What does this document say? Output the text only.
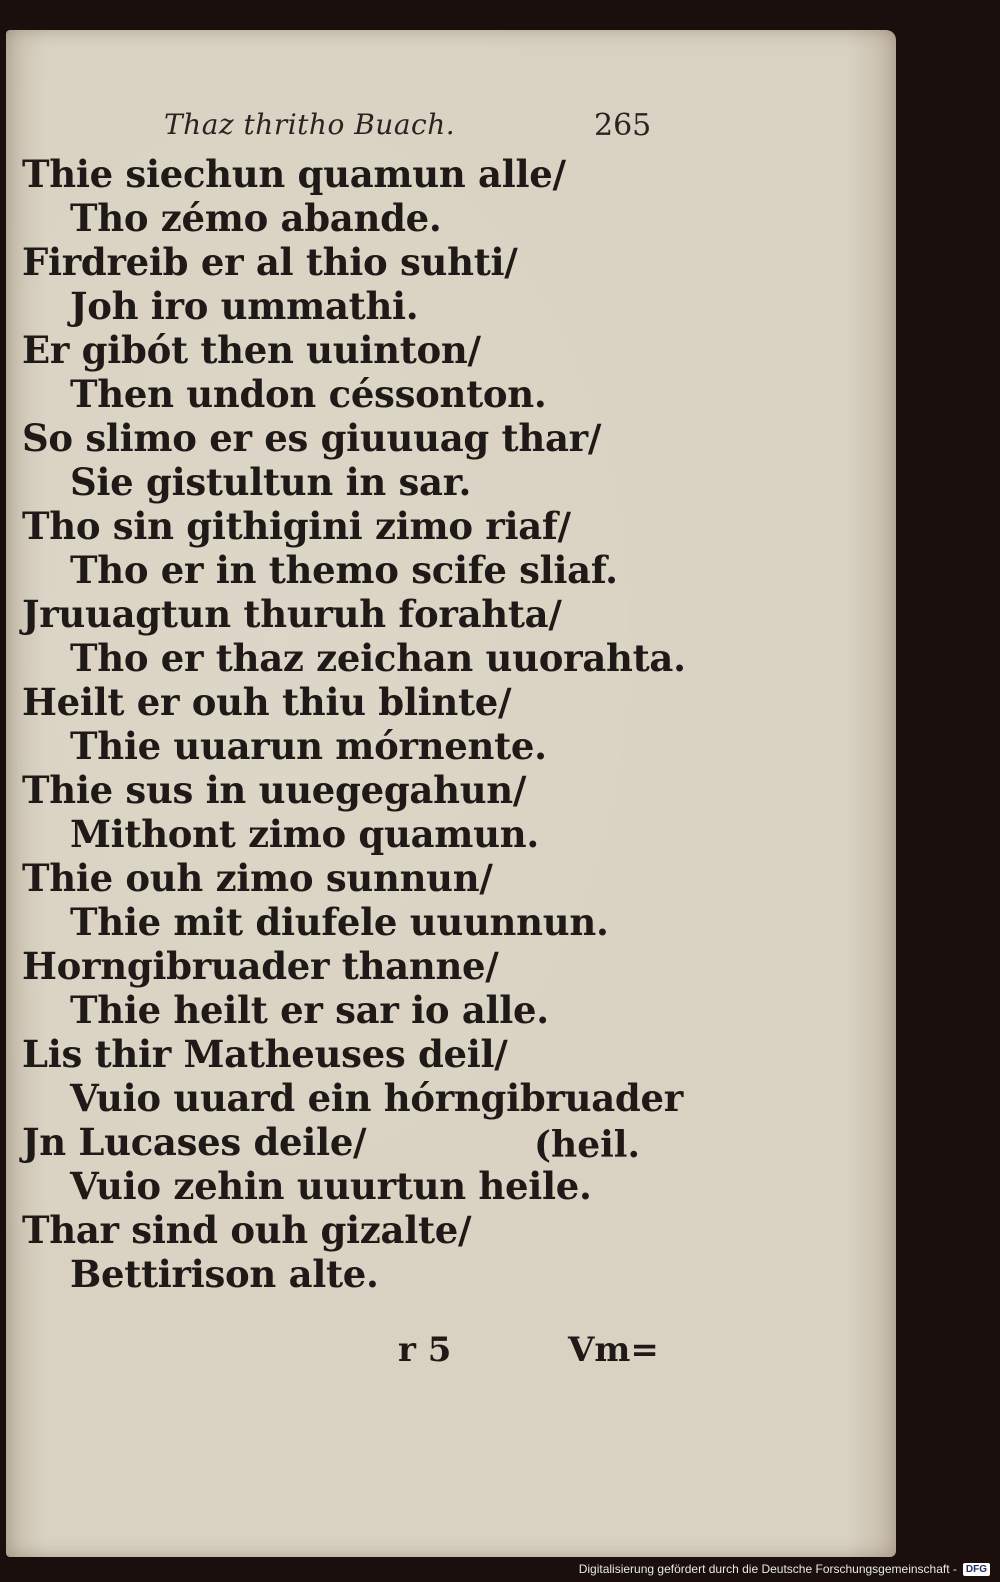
Thaz thritho Buach.	265
Thie siechun quamun alle/
Tho zémo abande.
Firdreib er al thio suhti/
Joh iro ummathi.
Er gibót then uuinton/
Then undon céssonton.
So slimo er es giuuuag thar/
Sie gistultun in sar.
Tho sin githigini zimo riaf/
Tho er in themo scife sliaf.
Jruuagtun thuruh forahta/
Tho er thaz zeichan uuorahta.
Heilt er ouh thiu blinte/
Thie uuarun mórnente.
Thie sus in uuegegahun/
Mithont zimo quamun.
Thie ouh zimo sunnun/
Thie mit diufele uuunnun.
Horngibruader thanne/
Thie heilt er sar io alle.
Lis thir Matheuses deil/
Vuio uuard ein hórngibruader
Jn Lucases deile/	(heil.
Vuio zehin uuurtun heile.
Thar sind ouh gizalte/
Bettirison alte.
r 5	Vm=
Digitalisierung gefördert durch die Deutsche Forschungsgemeinschaft - DFG
